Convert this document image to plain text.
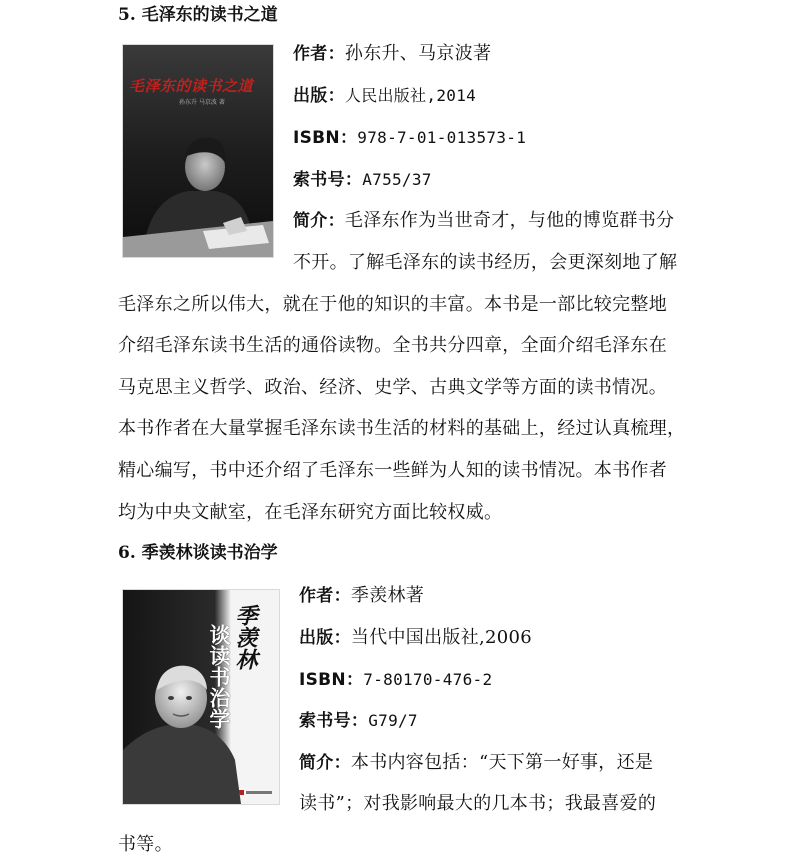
5. 毛泽东的读书之道
毛泽东的读书之道
孙东升 马京波 著
作者：孙东升、马京波著
出版：人民出版社,2014
ISBN：978-7-01-013573-1
索书号：A755/37
简介：毛泽东作为当世奇才，与他的博览群书分
不开。了解毛泽东的读书经历，会更深刻地了解
毛泽东之所以伟大，就在于他的知识的丰富。本书是一部比较完整地
介绍毛泽东读书生活的通俗读物。全书共分四章，全面介绍毛泽东在
马克思主义哲学、政治、经济、史学、古典文学等方面的读书情况。
本书作者在大量掌握毛泽东读书生活的材料的基础上，经过认真梳理，
精心编写，书中还介绍了毛泽东一些鲜为人知的读书情况。本书作者
均为中央文献室，在毛泽东研究方面比较权威。
6. 季羡林谈读书治学
季羡林
谈读书治学
作者：季羡林著
出版：当代中国出版社,2006
ISBN：7-80170-476-2
索书号：G79/7
简介：本书内容包括：“天下第一好事，还是
读书”；对我影响最大的几本书；我最喜爱的
书等。
